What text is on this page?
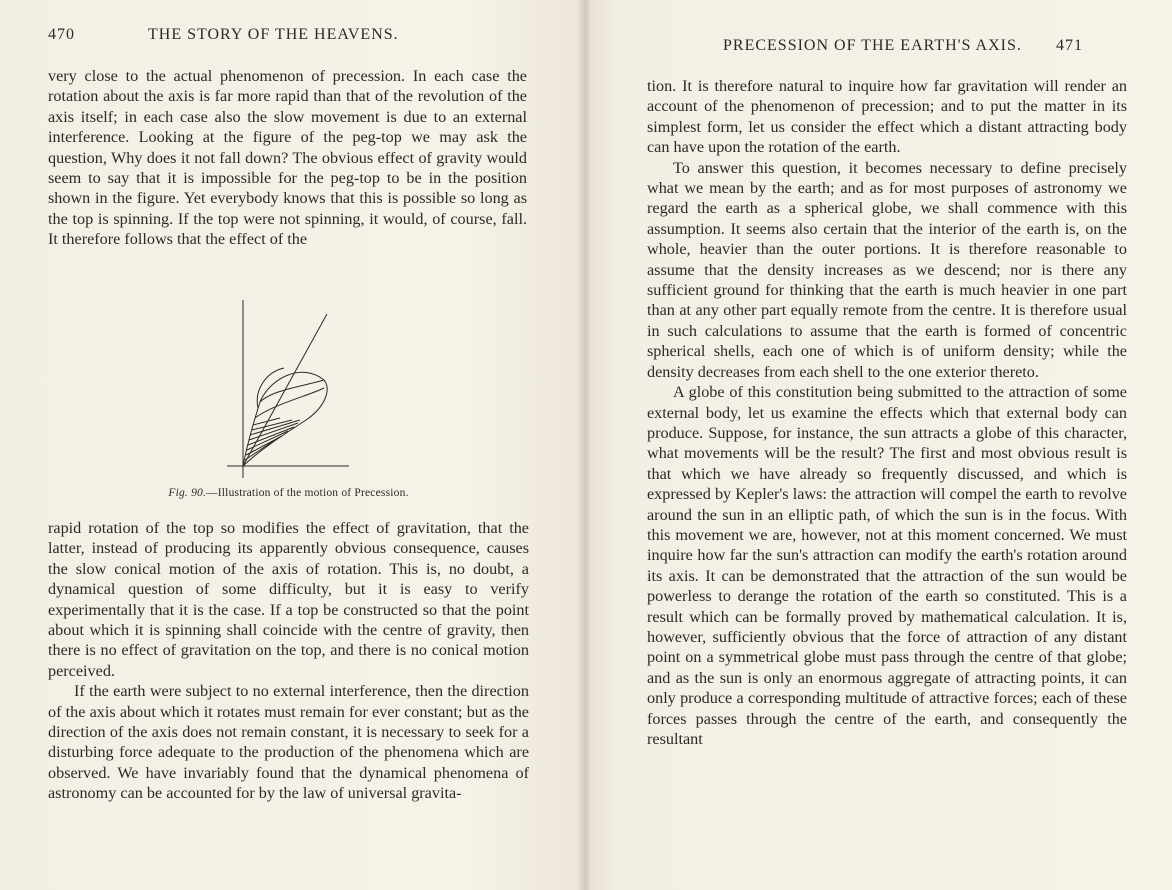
470	THE STORY OF THE HEAVENS.

very close to the actual phenomenon of precession. In each case the rotation about the axis is far more rapid than that of the revolution of the axis itself; in each case also the slow movement is due to an external interference. Looking at the figure of the peg-top we may ask the question, Why does it not fall down? The obvious effect of gravity would seem to say that it is impossible for the peg-top to be in the position shown in the figure. Yet everybody knows that this is possible so long as the top is spinning. If the top were not spinning, it would, of course, fall. It therefore follows that the effect of the

Fig. 90.—Illustration of the motion of Precession.

rapid rotation of the top so modifies the effect of gravitation, that the latter, instead of producing its apparently obvious consequence, causes the slow conical motion of the axis of rotation. This is, no doubt, a dynamical question of some difficulty, but it is easy to verify experimentally that it is the case. If a top be constructed so that the point about which it is spinning shall coincide with the centre of gravity, then there is no effect of gravitation on the top, and there is no conical motion perceived.

If the earth were subject to no external interference, then the direction of the axis about which it rotates must remain for ever constant; but as the direction of the axis does not remain constant, it is necessary to seek for a disturbing force adequate to the production of the phenomena which are observed. We have invariably found that the dynamical phenomena of astronomy can be accounted for by the law of universal gravita-

PRECESSION OF THE EARTH'S AXIS. 471

tion. It is therefore natural to inquire how far gravitation will render an account of the phenomenon of precession; and to put the matter in its simplest form, let us consider the effect which a distant attracting body can have upon the rotation of the earth.

To answer this question, it becomes necessary to define precisely what we mean by the earth; and as for most purposes of astronomy we regard the earth as a spherical globe, we shall commence with this assumption. It seems also certain that the interior of the earth is, on the whole, heavier than the outer portions. It is therefore reasonable to assume that the density increases as we descend; nor is there any sufficient ground for thinking that the earth is much heavier in one part than at any other part equally remote from the centre. It is therefore usual in such calculations to assume that the earth is formed of concentric spherical shells, each one of which is of uniform density; while the density decreases from each shell to the one exterior thereto.

A globe of this constitution being submitted to the attraction of some external body, let us examine the effects which that external body can produce. Suppose, for instance, the sun attracts a globe of this character, what movements will be the result? The first and most obvious result is that which we have already so frequently discussed, and which is expressed by Kepler's laws: the attraction will compel the earth to revolve around the sun in an elliptic path, of which the sun is in the focus. With this movement we are, however, not at this moment concerned. We must inquire how far the sun's attraction can modify the earth's rotation around its axis. It can be demonstrated that the attraction of the sun would be powerless to derange the rotation of the earth so constituted. This is a result which can be formally proved by mathematical calculation. It is, however, sufficiently obvious that the force of attraction of any distant point on a symmetrical globe must pass through the centre of that globe; and as the sun is only an enormous aggregate of attracting points, it can only produce a corresponding multitude of attractive forces; each of these forces passes through the centre of the earth, and consequently the resultant
